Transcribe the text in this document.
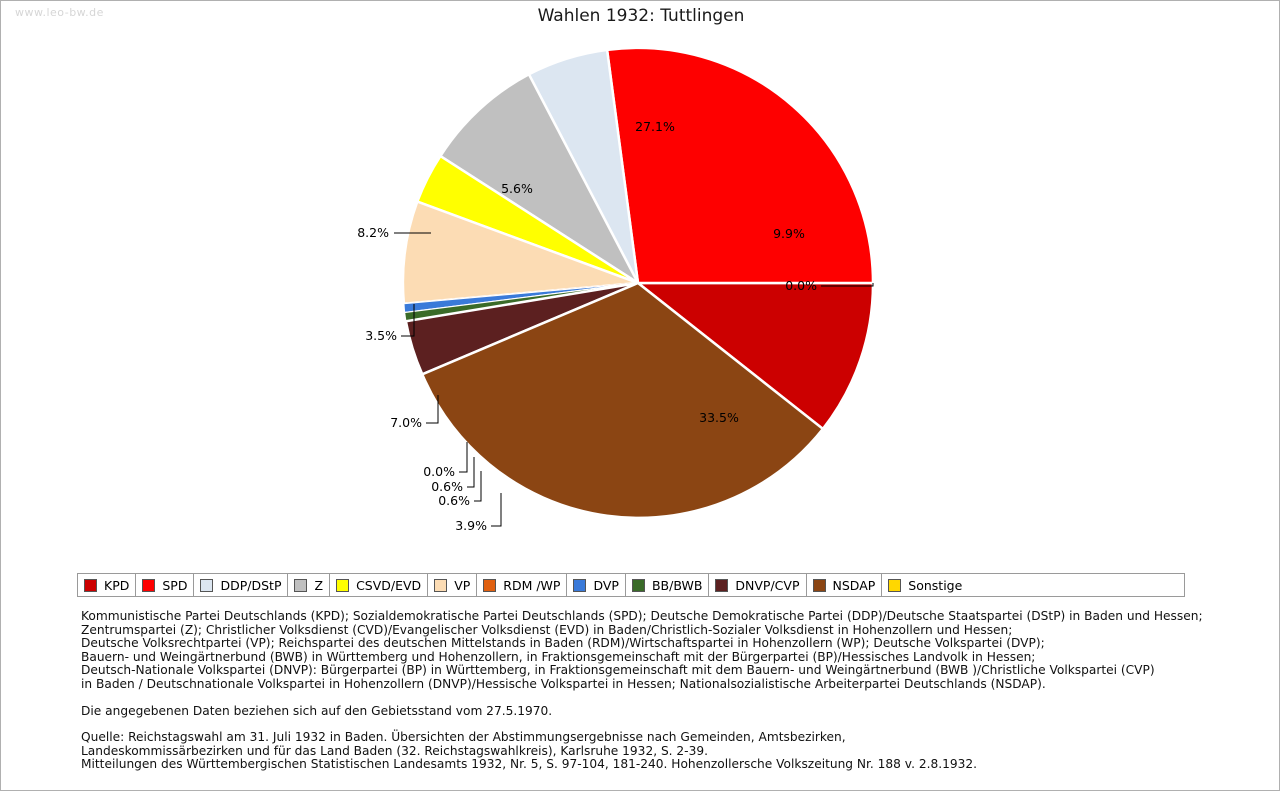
www.leo-bw.de	Wahlen 1932: Tuttlingen
27.1%
9.9%
33.5%
5.6%
0.0%
8.2%
3.5%
7.0%
0.0%
0.6%
0.6%
3.9%
KPD	SPD	DDP/DStP	Z	CSVD/EVD	VP	RDM /WP	DVP	BB/BWB	DNVP/CVP	NSDAP	Sonstige
Kommunistische Partei Deutschlands (KPD); Sozialdemokratische Partei Deutschlands (SPD); Deutsche Demokratische Partei (DDP)/Deutsche Staatspartei (DStP) in Baden und Hessen;
Zentrumspartei (Z); Christlicher Volksdienst (CVD)/Evangelischer Volksdienst (EVD) in Baden/Christlich-Sozialer Volksdienst in Hohenzollern und Hessen;
Deutsche Volksrechtpartei (VP); Reichspartei des deutschen Mittelstands in Baden (RDM)/Wirtschaftspartei in Hohenzollern (WP); Deutsche Volkspartei (DVP);
Bauern- und Weingärtnerbund (BWB) in Württemberg und Hohenzollern, in Fraktionsgemeinschaft mit der Bürgerpartei (BP)/Hessisches Landvolk in Hessen;
Deutsch-Nationale Volkspartei (DNVP): Bürgerpartei (BP) in Württemberg, in Fraktionsgemeinschaft mit dem Bauern- und Weingärtnerbund (BWB )/Christliche Volkspartei (CVP)
in Baden / Deutschnationale Volkspartei in Hohenzollern (DNVP)/Hessische Volkspartei in Hessen; Nationalsozialistische Arbeiterpartei Deutschlands (NSDAP).
Die angegebenen Daten beziehen sich auf den Gebietsstand vom 27.5.1970.
Quelle: Reichstagswahl am 31. Juli 1932 in Baden. Übersichten der Abstimmungsergebnisse nach Gemeinden, Amtsbezirken,
Landeskommissärbezirken und für das Land Baden (32. Reichstagswahlkreis), Karlsruhe 1932, S. 2-39.
Mitteilungen des Württembergischen Statistischen Landesamts 1932, Nr. 5, S. 97-104, 181-240. Hohenzollersche Volkszeitung Nr. 188 v. 2.8.1932.
